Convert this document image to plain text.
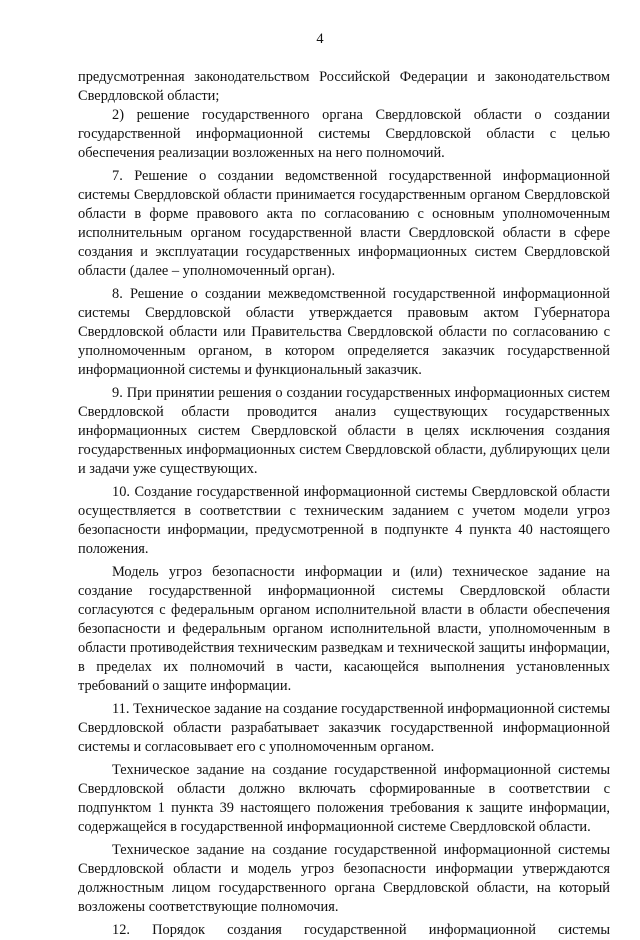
4

предусмотренная законодательством Российской Федерации и законодательством Свердловской области;

2) решение государственного органа Свердловской области о создании государственной информационной системы Свердловской области с целью обеспечения реализации возложенных на него полномочий.

7. Решение о создании ведомственной государственной информационной системы Свердловской области принимается государственным органом Свердловской области в форме правового акта по согласованию с основным уполномоченным исполнительным органом государственной власти Свердловской области в сфере создания и эксплуатации государственных информационных систем Свердловской области (далее – уполномоченный орган).

8. Решение о создании межведомственной государственной информационной системы Свердловской области утверждается правовым актом Губернатора Свердловской области или Правительства Свердловской области по согласованию с уполномоченным органом, в котором определяется заказчик государственной информационной системы и функциональный заказчик.

9. При принятии решения о создании государственных информационных систем Свердловской области проводится анализ существующих государственных информационных систем Свердловской области в целях исключения создания государственных информационных систем Свердловской области, дублирующих цели и задачи уже существующих.

10. Создание государственной информационной системы Свердловской области осуществляется в соответствии с техническим заданием с учетом модели угроз безопасности информации, предусмотренной в подпункте 4 пункта 40 настоящего положения.

Модель угроз безопасности информации и (или) техническое задание на создание государственной информационной системы Свердловской области согласуются с федеральным органом исполнительной власти в области обеспечения безопасности и федеральным органом исполнительной власти, уполномоченным в области противодействия техническим разведкам и технической защиты информации, в пределах их полномочий в части, касающейся выполнения установленных требований о защите информации.

11. Техническое задание на создание государственной информационной системы Свердловской области разрабатывает заказчик государственной информационной системы и согласовывает его с уполномоченным органом.

Техническое задание на создание государственной информационной системы Свердловской области должно включать сформированные в соответствии с подпунктом 1 пункта 39 настоящего положения требования к защите информации, содержащейся в государственной информационной системе Свердловской области.

Техническое задание на создание государственной информационной системы Свердловской области и модель угроз безопасности информации утверждаются должностным лицом государственного органа Свердловской области, на который возложены соответствующие полномочия.

12. Порядок создания государственной информационной системы
